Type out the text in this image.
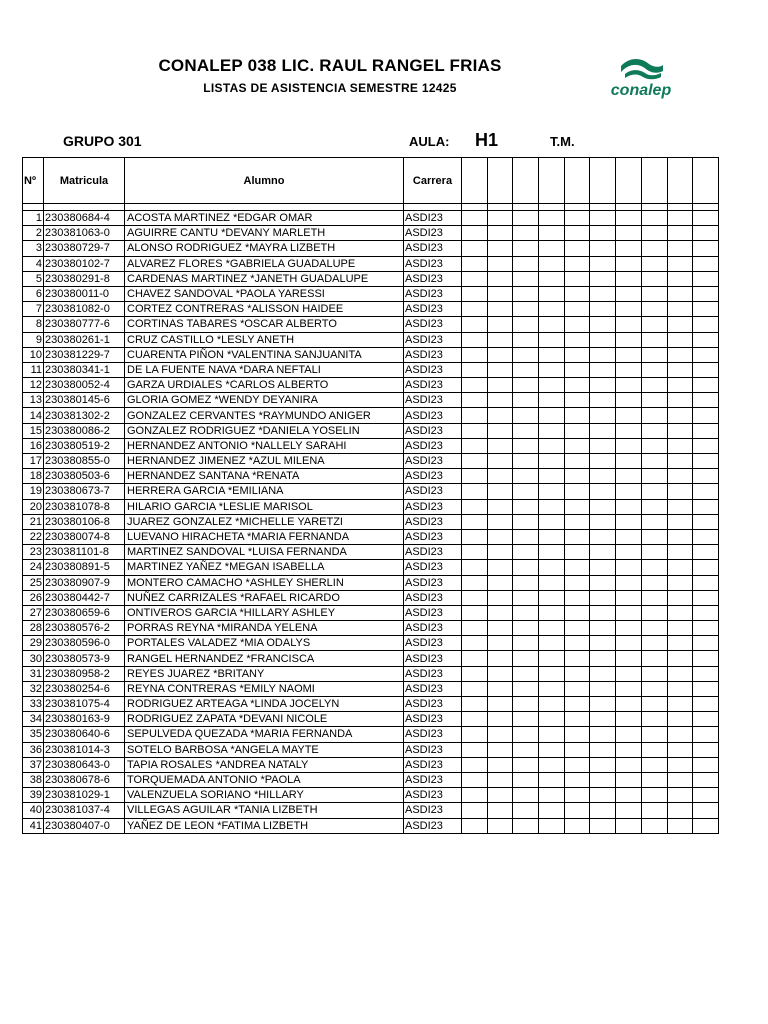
CONALEP 038 LIC. RAUL RANGEL FRIAS
LISTAS DE ASISTENCIA SEMESTRE 12425	conalep
GRUPO 301	AULA: H1	T.M.
Nº	Matricula	Alumno	Carrera										

1	230380684-4	ACOSTA MARTINEZ *EDGAR OMAR	ASDI23										
2	230381063-0	AGUIRRE CANTU *DEVANY MARLETH	ASDI23										
3	230380729-7	ALONSO RODRIGUEZ *MAYRA LIZBETH	ASDI23										
4	230380102-7	ALVAREZ FLORES *GABRIELA GUADALUPE	ASDI23										
5	230380291-8	CARDENAS MARTINEZ *JANETH GUADALUPE	ASDI23										
6	230380011-0	CHAVEZ SANDOVAL *PAOLA YARESSI	ASDI23										
7	230381082-0	CORTEZ CONTRERAS *ALISSON HAIDEE	ASDI23										
8	230380777-6	CORTINAS TABARES *OSCAR ALBERTO	ASDI23										
9	230380261-1	CRUZ CASTILLO *LESLY ANETH	ASDI23										
10	230381229-7	CUARENTA PIÑON *VALENTINA SANJUANITA	ASDI23										
11	230380341-1	DE LA FUENTE NAVA *DARA NEFTALI	ASDI23										
12	230380052-4	GARZA URDIALES *CARLOS ALBERTO	ASDI23										
13	230380145-6	GLORIA GOMEZ *WENDY DEYANIRA	ASDI23										
14	230381302-2	GONZALEZ CERVANTES *RAYMUNDO ANIGER	ASDI23										
15	230380086-2	GONZALEZ RODRIGUEZ *DANIELA YOSELIN	ASDI23										
16	230380519-2	HERNANDEZ ANTONIO *NALLELY SARAHI	ASDI23										
17	230380855-0	HERNANDEZ JIMENEZ *AZUL MILENA	ASDI23										
18	230380503-6	HERNANDEZ SANTANA *RENATA	ASDI23										
19	230380673-7	HERRERA GARCIA *EMILIANA	ASDI23										
20	230381078-8	HILARIO GARCIA *LESLIE MARISOL	ASDI23										
21	230380106-8	JUAREZ GONZALEZ *MICHELLE YARETZI	ASDI23										
22	230380074-8	LUEVANO HIRACHETA *MARIA FERNANDA	ASDI23										
23	230381101-8	MARTINEZ SANDOVAL *LUISA FERNANDA	ASDI23										
24	230380891-5	MARTINEZ YAÑEZ *MEGAN ISABELLA	ASDI23										
25	230380907-9	MONTERO CAMACHO *ASHLEY SHERLIN	ASDI23										
26	230380442-7	NUÑEZ CARRIZALES *RAFAEL RICARDO	ASDI23										
27	230380659-6	ONTIVEROS GARCIA *HILLARY ASHLEY	ASDI23										
28	230380576-2	PORRAS REYNA *MIRANDA YELENA	ASDI23										
29	230380596-0	PORTALES VALADEZ *MIA ODALYS	ASDI23										
30	230380573-9	RANGEL HERNANDEZ *FRANCISCA	ASDI23										
31	230380958-2	REYES JUAREZ *BRITANY	ASDI23										
32	230380254-6	REYNA CONTRERAS *EMILY NAOMI	ASDI23										
33	230381075-4	RODRIGUEZ ARTEAGA *LINDA JOCELYN	ASDI23										
34	230380163-9	RODRIGUEZ ZAPATA *DEVANI NICOLE	ASDI23										
35	230380640-6	SEPULVEDA QUEZADA *MARIA FERNANDA	ASDI23										
36	230381014-3	SOTELO BARBOSA *ANGELA MAYTE	ASDI23										
37	230380643-0	TAPIA ROSALES *ANDREA NATALY	ASDI23										
38	230380678-6	TORQUEMADA ANTONIO *PAOLA	ASDI23										
39	230381029-1	VALENZUELA SORIANO *HILLARY	ASDI23										
40	230381037-4	VILLEGAS AGUILAR *TANIA LIZBETH	ASDI23										
41	230380407-0	YAÑEZ DE LEON *FATIMA LIZBETH	ASDI23										
